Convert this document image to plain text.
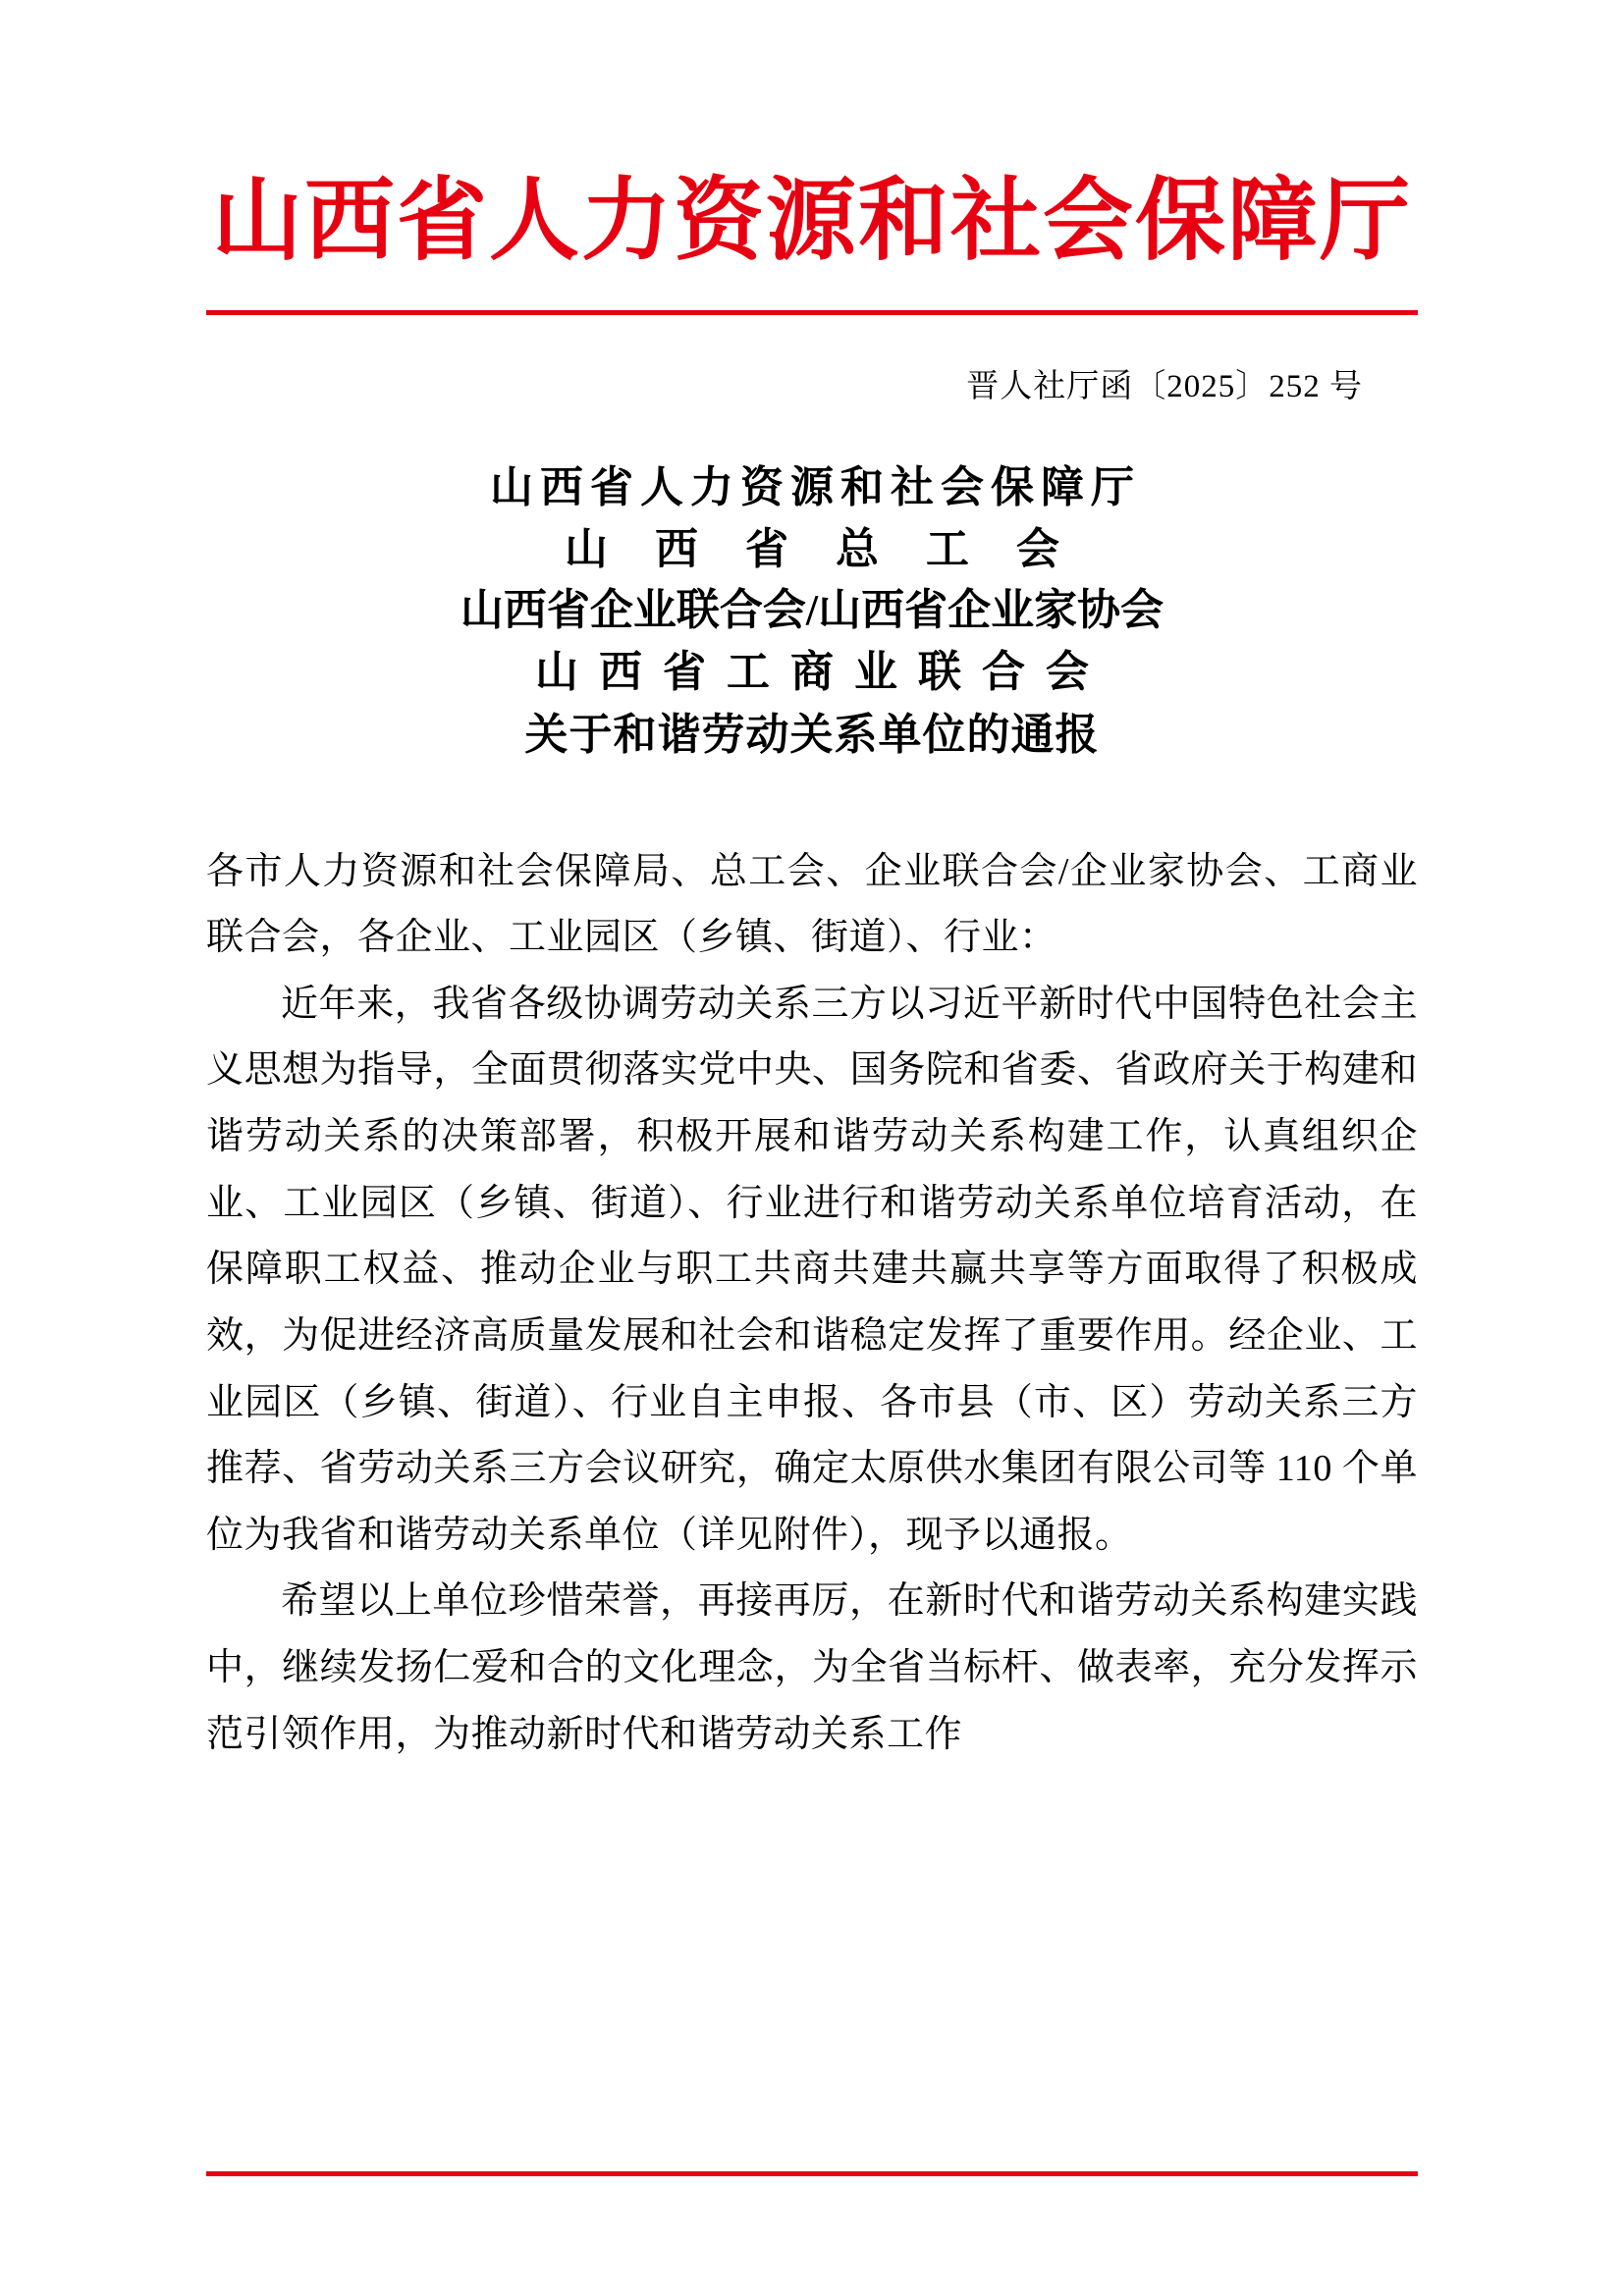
山西省人力资源和社会保障厅
晋人社厅函〔2025〕252 号
山西省人力资源和社会保障厅
山西省总工会
山西省企业联合会/山西省企业家协会
山西省工商业联合会
关于和谐劳动关系单位的通报

各市人力资源和社会保障局、总工会、企业联合会/企业家协会、工商业联合会，各企业、工业园区（乡镇、街道）、行业：

近年来，我省各级协调劳动关系三方以习近平新时代中国特色社会主义思想为指导，全面贯彻落实党中央、国务院和省委、省政府关于构建和谐劳动关系的决策部署，积极开展和谐劳动关系构建工作，认真组织企业、工业园区（乡镇、街道）、行业进行和谐劳动关系单位培育活动，在保障职工权益、推动企业与职工共商共建共赢共享等方面取得了积极成效，为促进经济高质量发展和社会和谐稳定发挥了重要作用。经企业、工业园区（乡镇、街道）、行业自主申报、各市县（市、区）劳动关系三方推荐、省劳动关系三方会议研究，确定太原供水集团有限公司等 110 个单位为我省和谐劳动关系单位（详见附件），现予以通报。

希望以上单位珍惜荣誉，再接再厉，在新时代和谐劳动关系构建实践中，继续发扬仁爱和合的文化理念，为全省当标杆、做表率，充分发挥示范引领作用，为推动新时代和谐劳动关系工作
